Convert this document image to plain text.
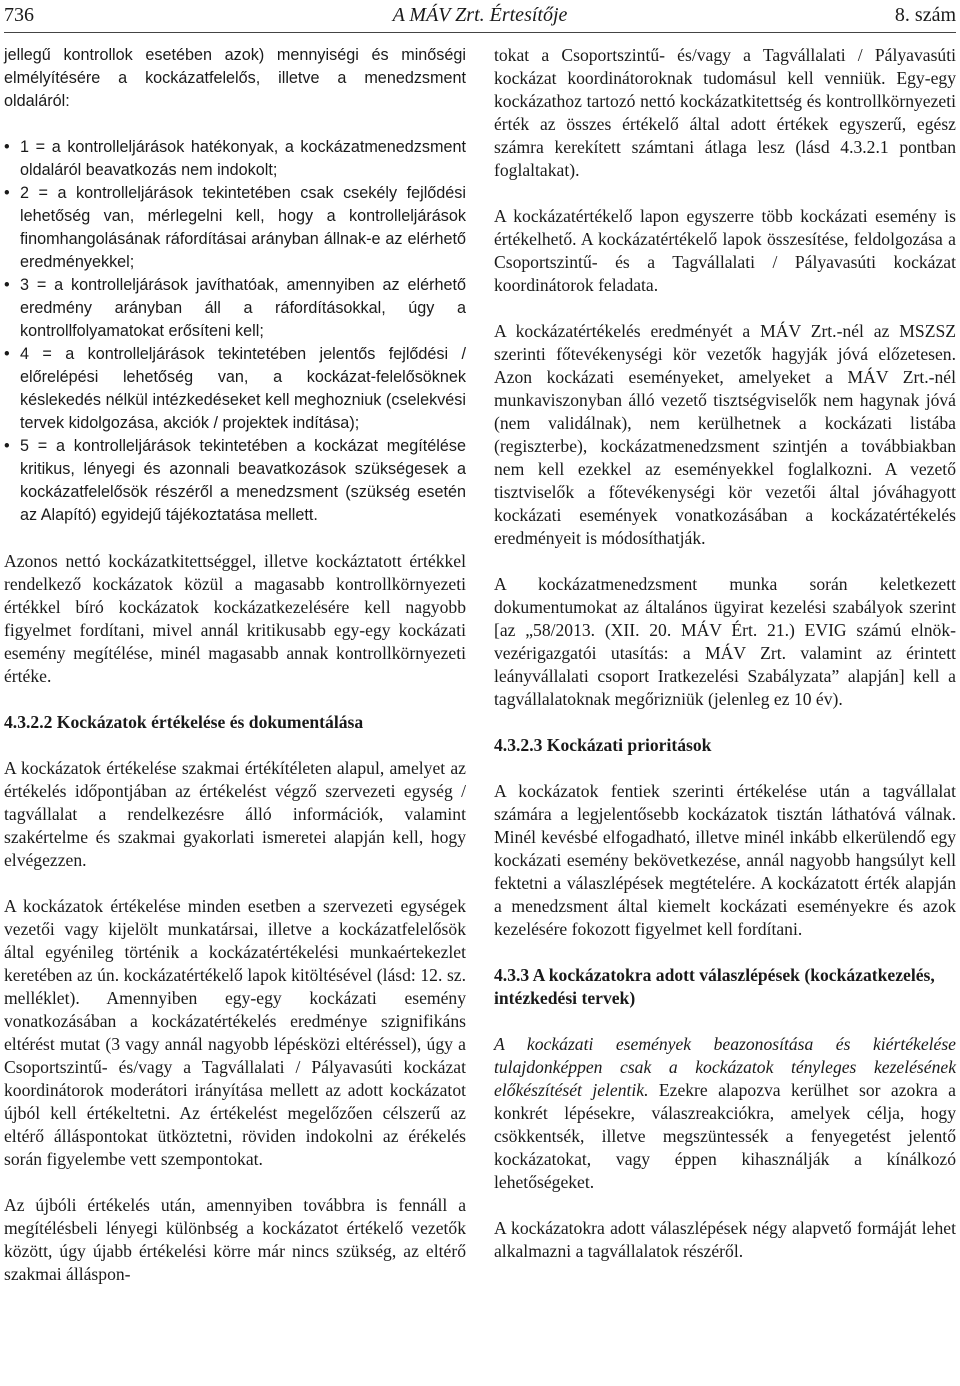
736	A MÁV Zrt. Értesítője	8. szám

jellegű kontrollok esetében azok) mennyiségi és minőségi elmélyítésére a kockázatfelelős, illetve a menedzsment oldaláról:

• 1 = a kontrolleljárások hatékonyak, a kockázatmenedzsment oldaláról beavatkozás nem indokolt;
• 2 = a kontrolleljárások tekintetében csak csekély fejlődési lehetőség van, mérlegelni kell, hogy a kontrolleljárások finomhangolásának ráfordításai arányban állnak-e az elérhető eredményekkel;
• 3 = a kontrolleljárások javíthatóak, amennyiben az elérhető eredmény arányban áll a ráfordításokkal, úgy a kontrollfolyamatokat erősíteni kell;
• 4 = a kontrolleljárások tekintetében jelentős fejlődési / előrelépési lehetőség van, a kockázat-felelősöknek késlekedés nélkül intézkedéseket kell meghozniuk (cselekvési tervek kidolgozása, akciók / projektek indítása);
• 5 = a kontrolleljárások tekintetében a kockázat megítélése kritikus, lényegi és azonnali beavatkozások szükségesek a kockázatfelelősök részéről a menedzsment (szükség esetén az Alapító) egyidejű tájékoztatása mellett.

Azonos nettó kockázatkitettséggel, illetve kockáztatott értékkel rendelkező kockázatok közül a magasabb kontrollkörnyezeti értékkel bíró kockázatok kockázatkezelésére kell nagyobb figyelmet fordítani, mivel annál kritikusabb egy-egy kockázati esemény megítélése, minél magasabb annak kontrollkörnyezeti értéke.

4.3.2.2 Kockázatok értékelése és dokumentálása

A kockázatok értékelése szakmai értékítéleten alapul, amelyet az értékelés időpontjában az értékelést végző szervezeti egység / tagvállalat a rendelkezésre álló információk, valamint szakértelme és szakmai gyakorlati ismeretei alapján kell, hogy elvégezzen.

A kockázatok értékelése minden esetben a szervezeti egységek vezetői vagy kijelölt munkatársai, illetve a kockázatfelelősök által egyénileg történik a kockázatértékelési munkaértekezlet keretében az ún. kockázatértékelő lapok kitöltésével (lásd: 12. sz. melléklet). Amennyiben egy-egy kockázati esemény vonatkozásában a kockázatértékelés eredménye szignifikáns eltérést mutat (3 vagy annál nagyobb lépésközi eltéréssel), úgy a Csoportszintű- és/vagy a Tagvállalati / Pályavasúti kockázat koordinátorok moderátori irányítása mellett az adott kockázatot újból kell értékeltetni. Az értékelést megelőzően célszerű az eltérő álláspontokat ütköztetni, röviden indokolni az érékelés során figyelembe vett szempontokat.

Az újbóli értékelés után, amennyiben továbbra is fennáll a megítélésbeli lényegi különbség a kockázatot értékelő vezetők között, úgy újabb értékelési körre már nincs szükség, az eltérő szakmai álláspon-

tokat a Csoportszintű- és/vagy a Tagvállalati / Pályavasúti kockázat koordinátoroknak tudomásul kell venniük. Egy-egy kockázathoz tartozó nettó kockázatkitettség és kontrollkörnyezeti érték az összes értékelő által adott értékek egyszerű, egész számra kerekített számtani átlaga lesz (lásd 4.3.2.1 pontban foglaltakat).

A kockázatértékelő lapon egyszerre több kockázati esemény is értékelhető. A kockázatértékelő lapok összesítése, feldolgozása a Csoportszintű- és a Tagvállalati / Pályavasúti kockázat koordinátorok feladata.

A kockázatértékelés eredményét a MÁV Zrt.-nél az MSZSZ szerinti főtevékenységi kör vezetők hagyják jóvá előzetesen. Azon kockázati eseményeket, amelyeket a MÁV Zrt.-nél munkaviszonyban álló vezető tisztségviselők nem hagynak jóvá (nem validálnak), nem kerülhetnek a kockázati listába (regiszterbe), kockázatmenedzsment szintjén a továbbiakban nem kell ezekkel az eseményekkel foglalkozni. A vezető tisztviselők a főtevékenységi kör vezetői által jóváhagyott kockázati események vonatkozásában a kockázatértékelés eredményeit is módosíthatják.

A kockázatmenedzsment munka során keletkezett dokumentumokat az általános ügyirat kezelési szabályok szerint [az „58/2013. (XII. 20. MÁV Ért. 21.) EVIG számú elnök-vezérigazgatói utasítás: a MÁV Zrt. valamint az érintett leányvállalati csoport Iratkezelési Szabályzata” alapján] kell a tagvállalatoknak megőrizniük (jelenleg ez 10 év).

4.3.2.3 Kockázati prioritások

A kockázatok fentiek szerinti értékelése után a tagvállalat számára a legjelentősebb kockázatok tisztán láthatóvá válnak. Minél kevésbé elfogadható, illetve minél inkább elkerülendő egy kockázati esemény bekövetkezése, annál nagyobb hangsúlyt kell fektetni a válaszlépések megtételére. A kockázatott érték alapján a menedzsment által kiemelt kockázati eseményekre és azok kezelésére fokozott figyelmet kell fordítani.

4.3.3 A kockázatokra adott válaszlépések (kockázatkezelés, intézkedési tervek)

A kockázati események beazonosítása és kiértékelése tulajdonképpen csak a kockázatok tényleges kezelésének előkészítését jelentik. Ezekre alapozva kerülhet sor azokra a konkrét lépésekre, válaszreakciókra, amelyek célja, hogy csökkentsék, illetve megszüntessék a fenyegetést jelentő kockázatokat, vagy éppen kihasználják a kínálkozó lehetőségeket.

A kockázatokra adott válaszlépések négy alapvető formáját lehet alkalmazni a tagvállalatok részéről.
